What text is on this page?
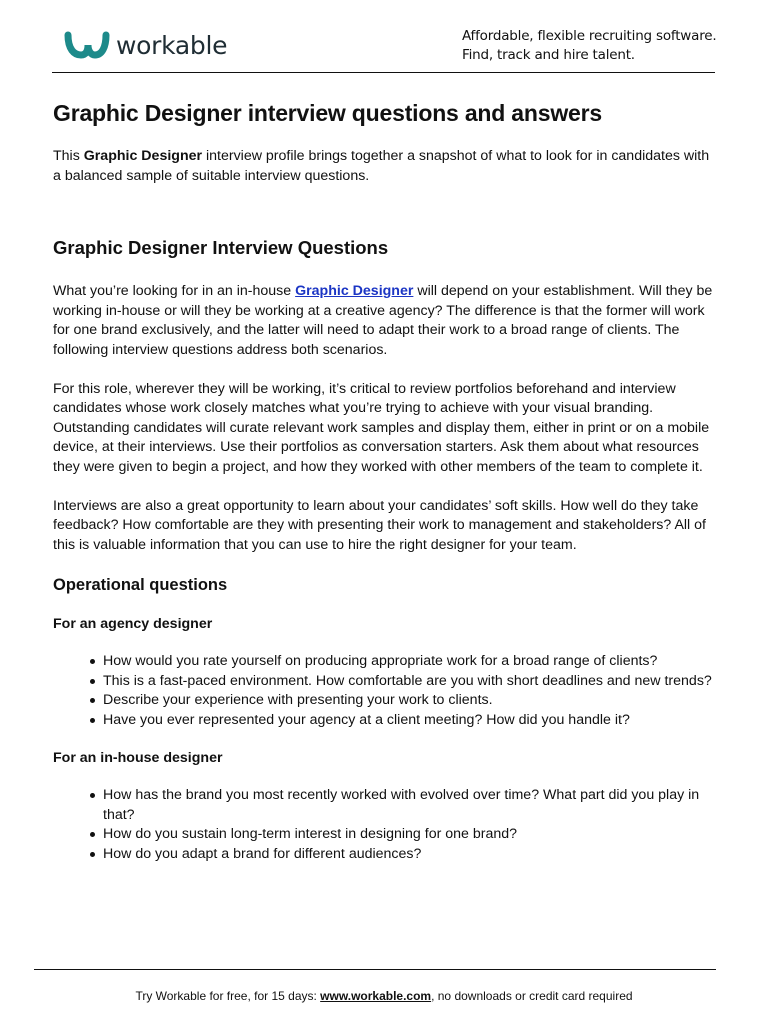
workable	Affordable, flexible recruiting software.
Find, track and hire talent.
Graphic Designer interview questions and answers

This Graphic Designer interview profile brings together a snapshot of what to look for in candidates with a balanced sample of suitable interview questions.

Graphic Designer Interview Questions

What you’re looking for in an in-house Graphic Designer will depend on your establishment. Will they be working in-house or will they be working at a creative agency? The difference is that the former will work for one brand exclusively, and the latter will need to adapt their work to a broad range of clients. The following interview questions address both scenarios.

For this role, wherever they will be working, it’s critical to review portfolios beforehand and interview candidates whose work closely matches what you’re trying to achieve with your visual branding. Outstanding candidates will curate relevant work samples and display them, either in print or on a mobile device, at their interviews. Use their portfolios as conversation starters. Ask them about what resources they were given to begin a project, and how they worked with other members of the team to complete it.

Interviews are also a great opportunity to learn about your candidates’ soft skills. How well do they take feedback? How comfortable are they with presenting their work to management and stakeholders? All of this is valuable information that you can use to hire the right designer for your team.

Operational questions
For an agency designer
How would you rate yourself on producing appropriate work for a broad range of clients?
This is a fast-paced environment. How comfortable are you with short deadlines and new trends?
Describe your experience with presenting your work to clients.
Have you ever represented your agency at a client meeting? How did you handle it?
For an in-house designer
How has the brand you most recently worked with evolved over time? What part did you play in that?
How do you sustain long-term interest in designing for one brand?
How do you adapt a brand for different audiences?
Try Workable for free, for 15 days: www.workable.com, no downloads or credit card required
